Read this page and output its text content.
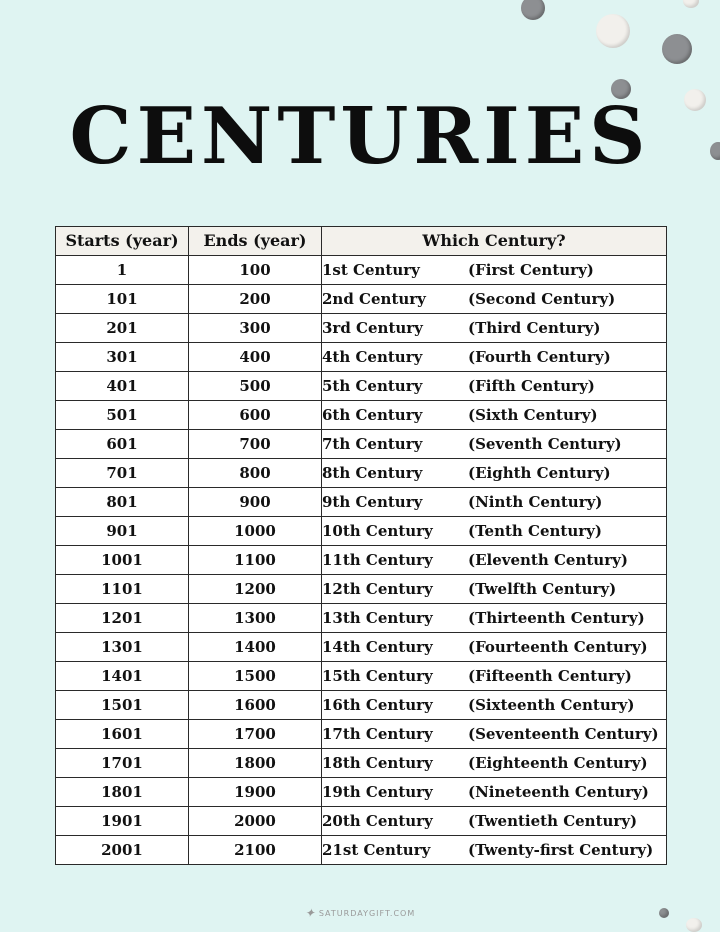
CENTURIES
Starts (year)	Ends (year)	Which Century?
1	100	1st Century (First Century)
101	200	2nd Century (Second Century)
201	300	3rd Century (Third Century)
301	400	4th Century (Fourth Century)
401	500	5th Century (Fifth Century)
501	600	6th Century (Sixth Century)
601	700	7th Century (Seventh Century)
701	800	8th Century (Eighth Century)
801	900	9th Century (Ninth Century)
901	1000	10th Century (Tenth Century)
1001	1100	11th Century (Eleventh Century)
1101	1200	12th Century (Twelfth Century)
1201	1300	13th Century (Thirteenth Century)
1301	1400	14th Century (Fourteenth Century)
1401	1500	15th Century (Fifteenth Century)
1501	1600	16th Century (Sixteenth Century)
1601	1700	17th Century (Seventeenth Century)
1701	1800	18th Century (Eighteenth Century)
1801	1900	19th Century (Nineteenth Century)
1901	2000	20th Century (Twentieth Century)
2001	2100	21st Century (Twenty-first Century)
✦ SATURDAYGIFT.COM
